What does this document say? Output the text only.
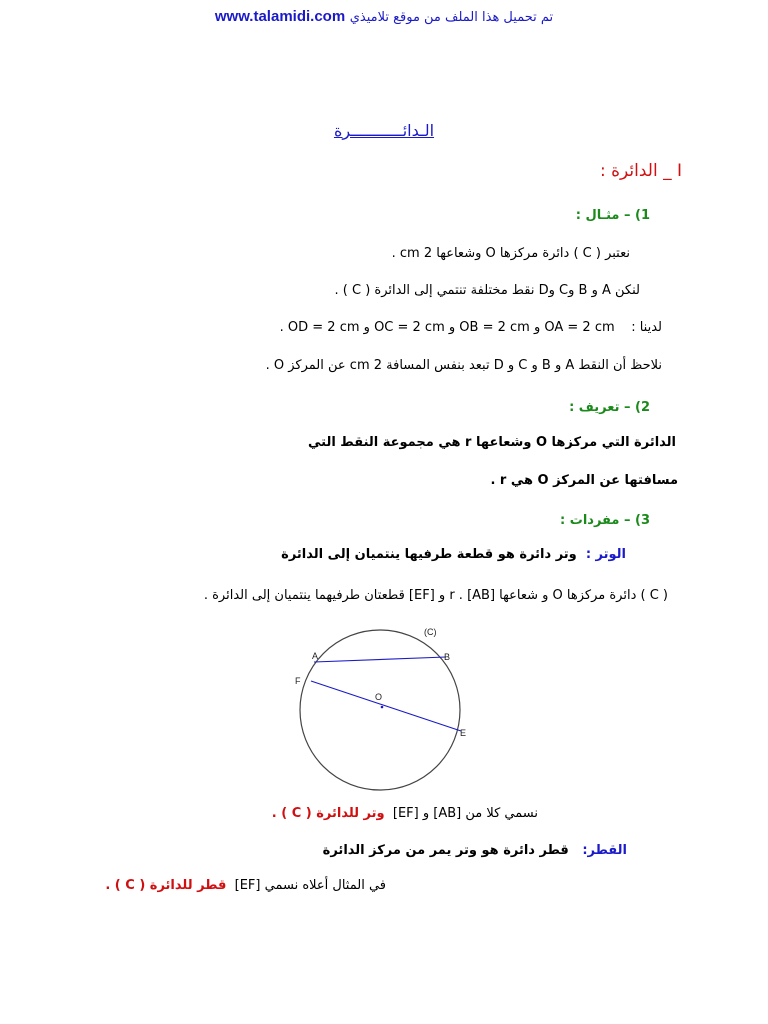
www.talamidi.com تم تحميل هذا الملف من موقع تلاميذي
الـدائـــــــــــرة
I _ الدائرة :
1) – مثـال :
نعتبر ( C ) دائرة مركزها O وشعاعها 2 cm .
لنكن A و B وC وD نقط مختلفة تنتمي إلى الدائرة ( C ) .
لدينا :    OA = 2 cm و OB = 2 cm و OC = 2 cm و OD = 2 cm .
نلاحظ أن النقط A و B و C و D تبعد بنفس المسافة 2 cm عن المركز O .
2) – تعريف :
الدائرة التي مركزها O وشعاعها r هي مجموعة النقط التي
مسافتها عن المركز O هي r .
3) – مفردات :
الوتر :  وتر دائرة هو قطعة طرفيها ينتميان إلى الدائرة
( C ) دائرة مركزها O و شعاعها r . [AB] و [EF] قطعتان طرفيهما ينتميان إلى الدائرة .
(C)
A	B
F
O
E
نسمي كلا من [AB] و [EF]  وتر للدائرة ( C ) .
القطر:   قطر دائرة هو وتر يمر من مركز الدائرة
في المثال أعلاه نسمي [EF]  قطر للدائرة ( C ) .
